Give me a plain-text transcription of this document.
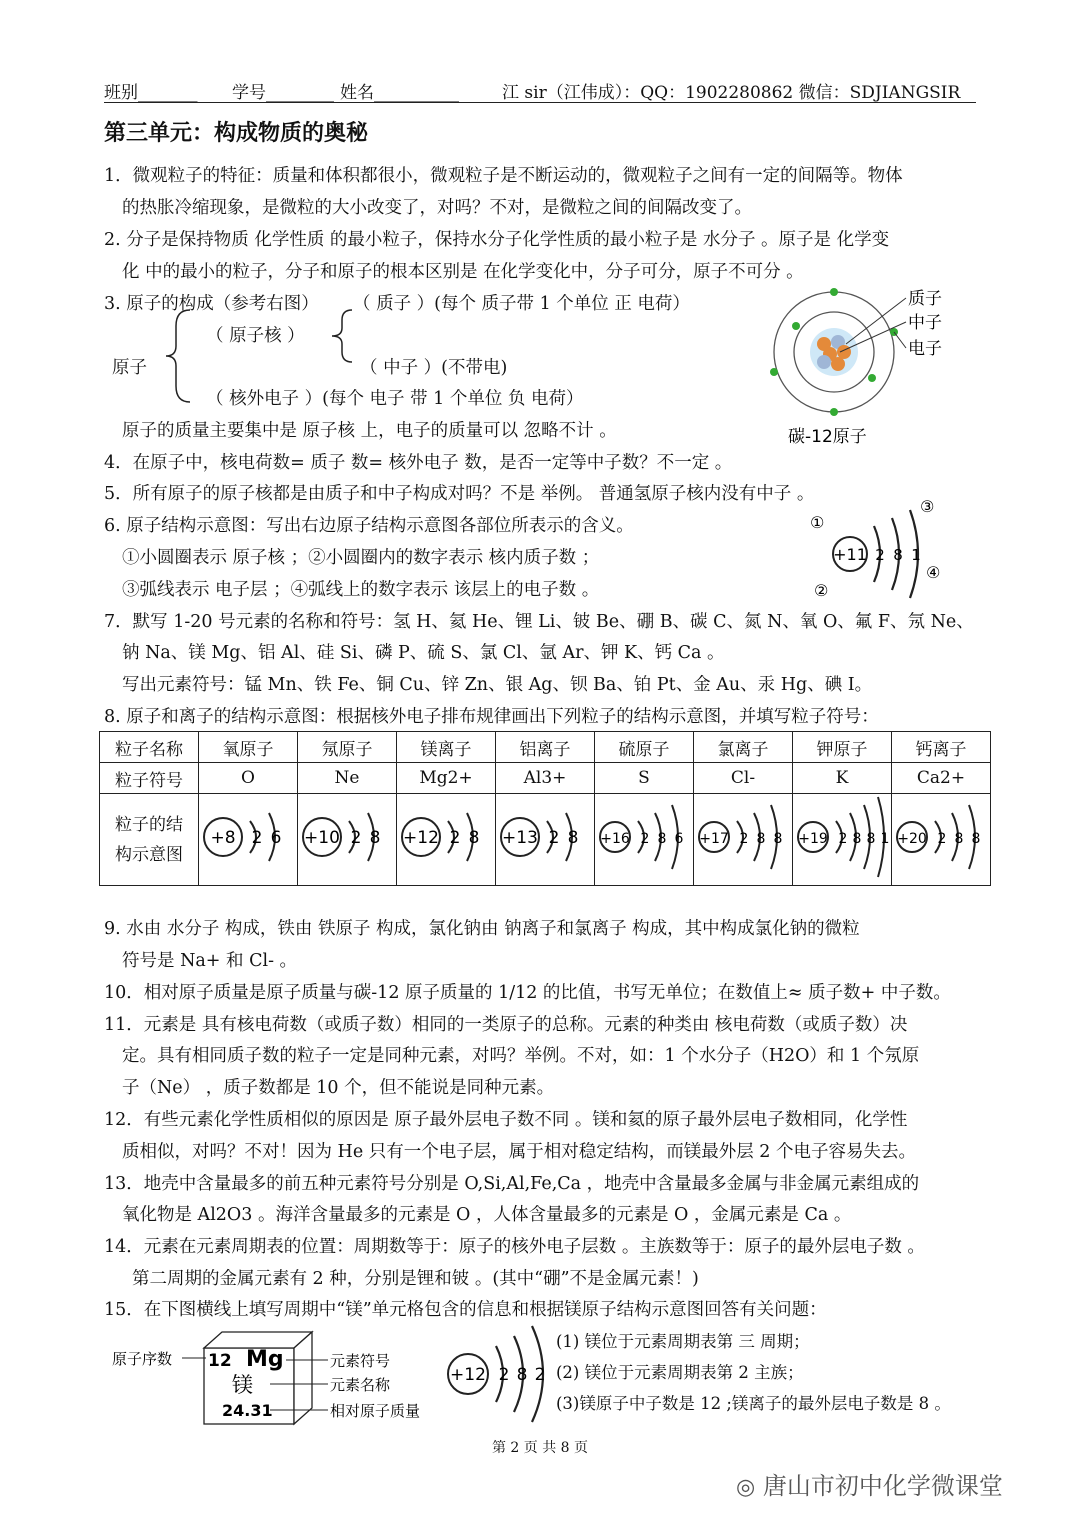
班别_______ 学号________ 姓名__________	江 sir（江伟成）：QQ：1902280862 微信：SDJIANGSIR
第三单元：构成物质的奥秘
1．微观粒子的特征：质量和体积都很小，微观粒子是不断运动的，微观粒子之间有一定的间隔等。物体
的热胀冷缩现象，是微粒的大小改变了，对吗？不对，是微粒之间的间隔改变了。
2. 分子是保持物质 化学性质 的最小粒子，保持水分子化学性质的最小粒子是 水分子 。原子是 化学变
化 中的最小的粒子，分子和原子的根本区别是 在化学变化中，分子可分，原子不可分 。
3. 原子的构成（参考右图） （ 质子 ）(每个 质子带 1 个单位 正 电荷）
（ 原子核 ）
原子	（ 中子 ）(不带电)
（ 核外电子 ）(每个 电子 带 1 个单位 负 电荷）
原子的质量主要集中是 原子核 上，电子的质量可以 忽略不计 。
质子
中子
电子
碳-12原子
4．在原子中，核电荷数= 质子 数= 核外电子 数，是否一定等中子数？不一定 。
5．所有原子的原子核都是由质子和中子构成对吗？不是 举例。 普通氢原子核内没有中子 。
6. 原子结构示意图：写出右边原子结构示意图各部位所表示的含义。
①小圆圈表示 原子核 ；②小圆圈内的数字表示 核内质子数 ；
③弧线表示 电子层 ；④弧线上的数字表示 该层上的电子数 。
+11 2 8 1
①
②
③
④
7．默写 1-20 号元素的名称和符号：氢 H、氦 He、锂 Li、铍 Be、硼 B、碳 C、氮 N、氧 O、氟 F、氖 Ne、
钠 Na、镁 Mg、铝 Al、硅 Si、磷 P、硫 S、氯 Cl、氩 Ar、钾 K、钙 Ca 。
写出元素符号：锰 Mn、铁 Fe、铜 Cu、锌 Zn、银 Ag、钡 Ba、铂 Pt、金 Au、汞 Hg、碘 I。
8. 原子和离子的结构示意图：根据核外电子排布规律画出下列粒子的结构示意图，并填写粒子符号：
粒子名称	氧原子	氖原子	镁离子	铝离子	硫原子	氯离子	钾原子	钙离子
粒子符号	O	Ne	Mg2+	Al3+	S	Cl-	K	Ca2+
粒子的结构示意图	+8 2 6	+10 2 8	+12 2 8	+13 2 8	+16 2 8 6	+17 2 8 8	+19 2 8 8 1	+20 2 8 8
9. 水由 水分子 构成，铁由 铁原子 构成，氯化钠由 钠离子和氯离子 构成，其中构成氯化钠的微粒
符号是 Na+ 和 Cl- 。
10．相对原子质量是原子质量与碳-12 原子质量的 1/12 的比值，书写无单位；在数值上≈ 质子数+ 中子数。
11．元素是 具有核电荷数（或质子数）相同的一类原子的总称。元素的种类由 核电荷数（或质子数）决
定。具有相同质子数的粒子一定是同种元素，对吗？举例。不对，如：1 个水分子（H2O）和 1 个氖原
子（Ne） ，质子数都是 10 个，但不能说是同种元素。
12．有些元素化学性质相似的原因是 原子最外层电子数不同 。镁和氦的原子最外层电子数相同，化学性
质相似，对吗？不对！因为 He 只有一个电子层，属于相对稳定结构，而镁最外层 2 个电子容易失去。
13．地壳中含量最多的前五种元素符号分别是 O,Si,Al,Fe,Ca ，地壳中含量最多金属与非金属元素组成的
氧化物是 Al2O3 。海洋含量最多的元素是 O ，人体含量最多的元素是 O ，金属元素是 Ca 。
14．元素在元素周期表的位置：周期数等于：原子的核外电子层数 。主族数等于：原子的最外层电子数 。
第二周期的金属元素有 2 种，分别是锂和铍 。(其中“硼”不是金属元素！)
15．在下图横线上填写周期中“镁”单元格包含的信息和根据镁原子结构示意图回答有关问题：
12 Mg
镁
24.31
原子序数	元素符号
元素名称
相对原子质量
+12 2 8 2
(1) 镁位于元素周期表第 三 周期；
(2) 镁位于元素周期表第 2 主族；
(3)镁原子中子数是 12 ;镁离子的最外层电子数是 8 。
第 2 页 共 8 页
◎ 唐山市初中化学微课堂
